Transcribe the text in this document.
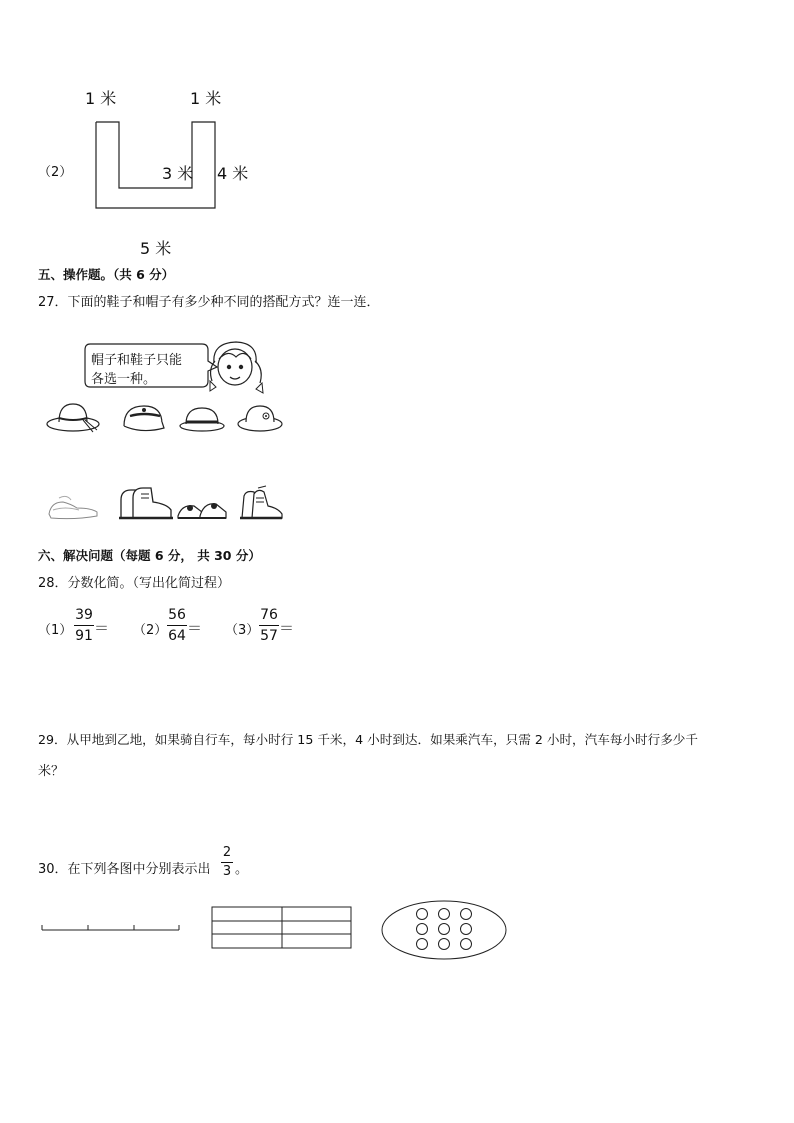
1 米	1 米
（2）	3 米 4 米
5 米
五、操作题。（共 6 分）
27．下面的鞋子和帽子有多少种不同的搭配方式？连一连．
帽子和鞋子只能
各选一种。
六、解决问题（每题 6 分， 共 30 分）
28．分数化简。（写出化简过程）
（1）
39
91 ＝ （2）
56
64 ＝ （3）
76
57 ＝
29．从甲地到乙地，如果骑自行车，每小时行 15 千米，4 小时到达．如果乘汽车，只需 2 小时，汽车每小时行多少千
米？
30．在下列各图中分别表示出
2
3 。
